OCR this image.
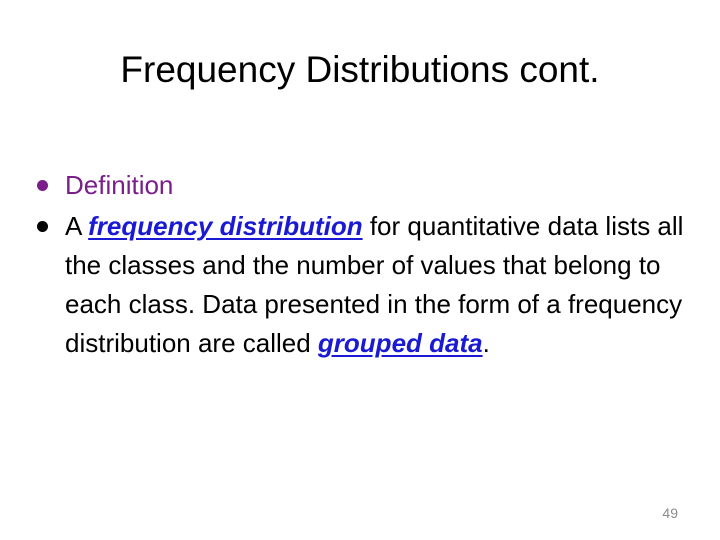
Frequency Distributions cont.
Definition
A frequency distribution for quantitative data lists all the classes and the number of values that belong to each class. Data presented in the form of a frequency distribution are called grouped data.
49
